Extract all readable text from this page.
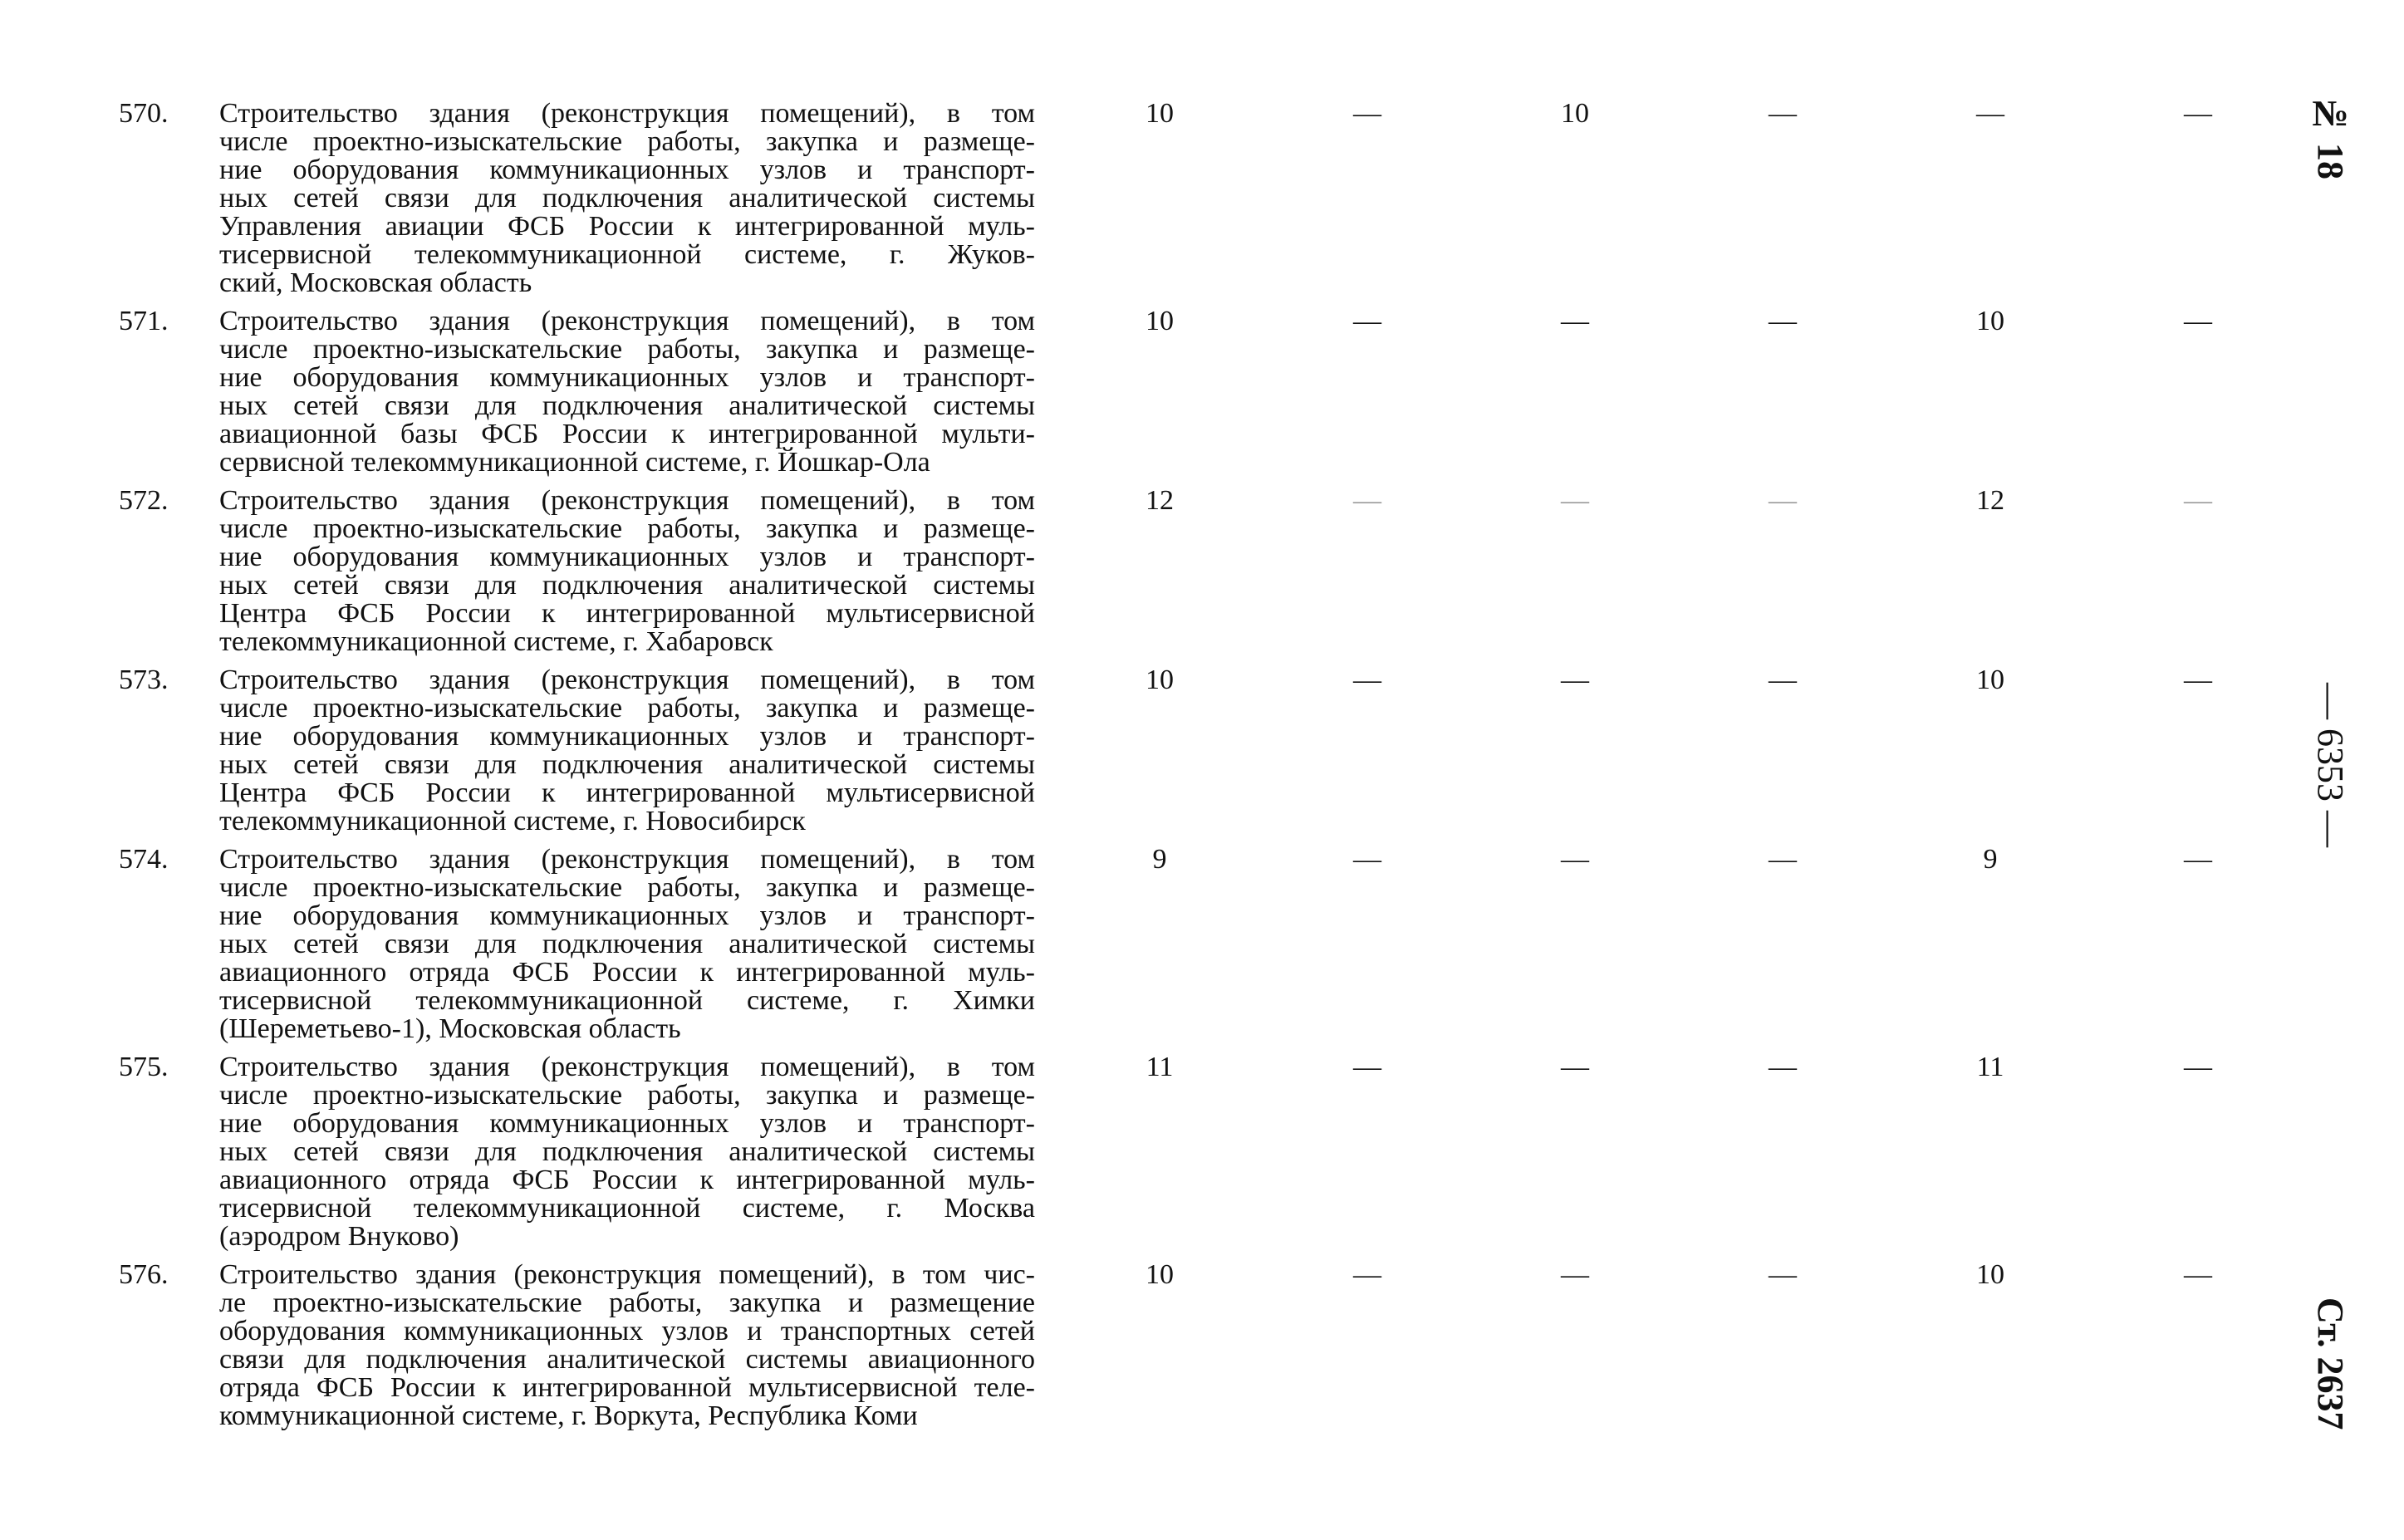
570. Строительство здания (реконструкция помещений), в том
числе проектно-изыскательские работы, закупка и размеще-
ние оборудования коммуникационных узлов и транспорт-
ных сетей связи для подключения аналитической системы
Управления авиации ФСБ России к интегрированной муль-
тисервисной телекоммуникационной системе, г. Жуков-
ский, Московская область
10	—	10	—	—	—
571. Строительство здания (реконструкция помещений), в том
числе проектно-изыскательские работы, закупка и размеще-
ние оборудования коммуникационных узлов и транспорт-
ных сетей связи для подключения аналитической системы
авиационной базы ФСБ России к интегрированной мульти-
сервисной телекоммуникационной системе, г. Йошкар-Ола
10	—	—	—	10	—
572. Строительство здания (реконструкция помещений), в том
числе проектно-изыскательские работы, закупка и размеще-
ние оборудования коммуникационных узлов и транспорт-
ных сетей связи для подключения аналитической системы
Центра ФСБ России к интегрированной мультисервисной
телекоммуникационной системе, г. Хабаровск
12	—	—	—	12	—
573. Строительство здания (реконструкция помещений), в том
числе проектно-изыскательские работы, закупка и размеще-
ние оборудования коммуникационных узлов и транспорт-
ных сетей связи для подключения аналитической системы
Центра ФСБ России к интегрированной мультисервисной
телекоммуникационной системе, г. Новосибирск
10	—	—	—	10	—
574. Строительство здания (реконструкция помещений), в том
числе проектно-изыскательские работы, закупка и размеще-
ние оборудования коммуникационных узлов и транспорт-
ных сетей связи для подключения аналитической системы
авиационного отряда ФСБ России к интегрированной муль-
тисервисной телекоммуникационной системе, г. Химки
(Шереметьево-1), Московская область
9	—	—	—	9	—
575. Строительство здания (реконструкция помещений), в том
числе проектно-изыскательские работы, закупка и размеще-
ние оборудования коммуникационных узлов и транспорт-
ных сетей связи для подключения аналитической системы
авиационного отряда ФСБ России к интегрированной муль-
тисервисной телекоммуникационной системе, г. Москва
(аэродром Внуково)
11	—	—	—	11	—
576. Строительство здания (реконструкция помещений), в том чис-
ле проектно-изыскательские работы, закупка и размещение
оборудования коммуникационных узлов и транспортных сетей
связи для подключения аналитической системы авиационного
отряда ФСБ России к интегрированной мультисервисной теле-
коммуникационной системе, г. Воркута, Республика Коми
10	—	—	—	10	—
№ 18
— 6353 —
Ст. 2637
